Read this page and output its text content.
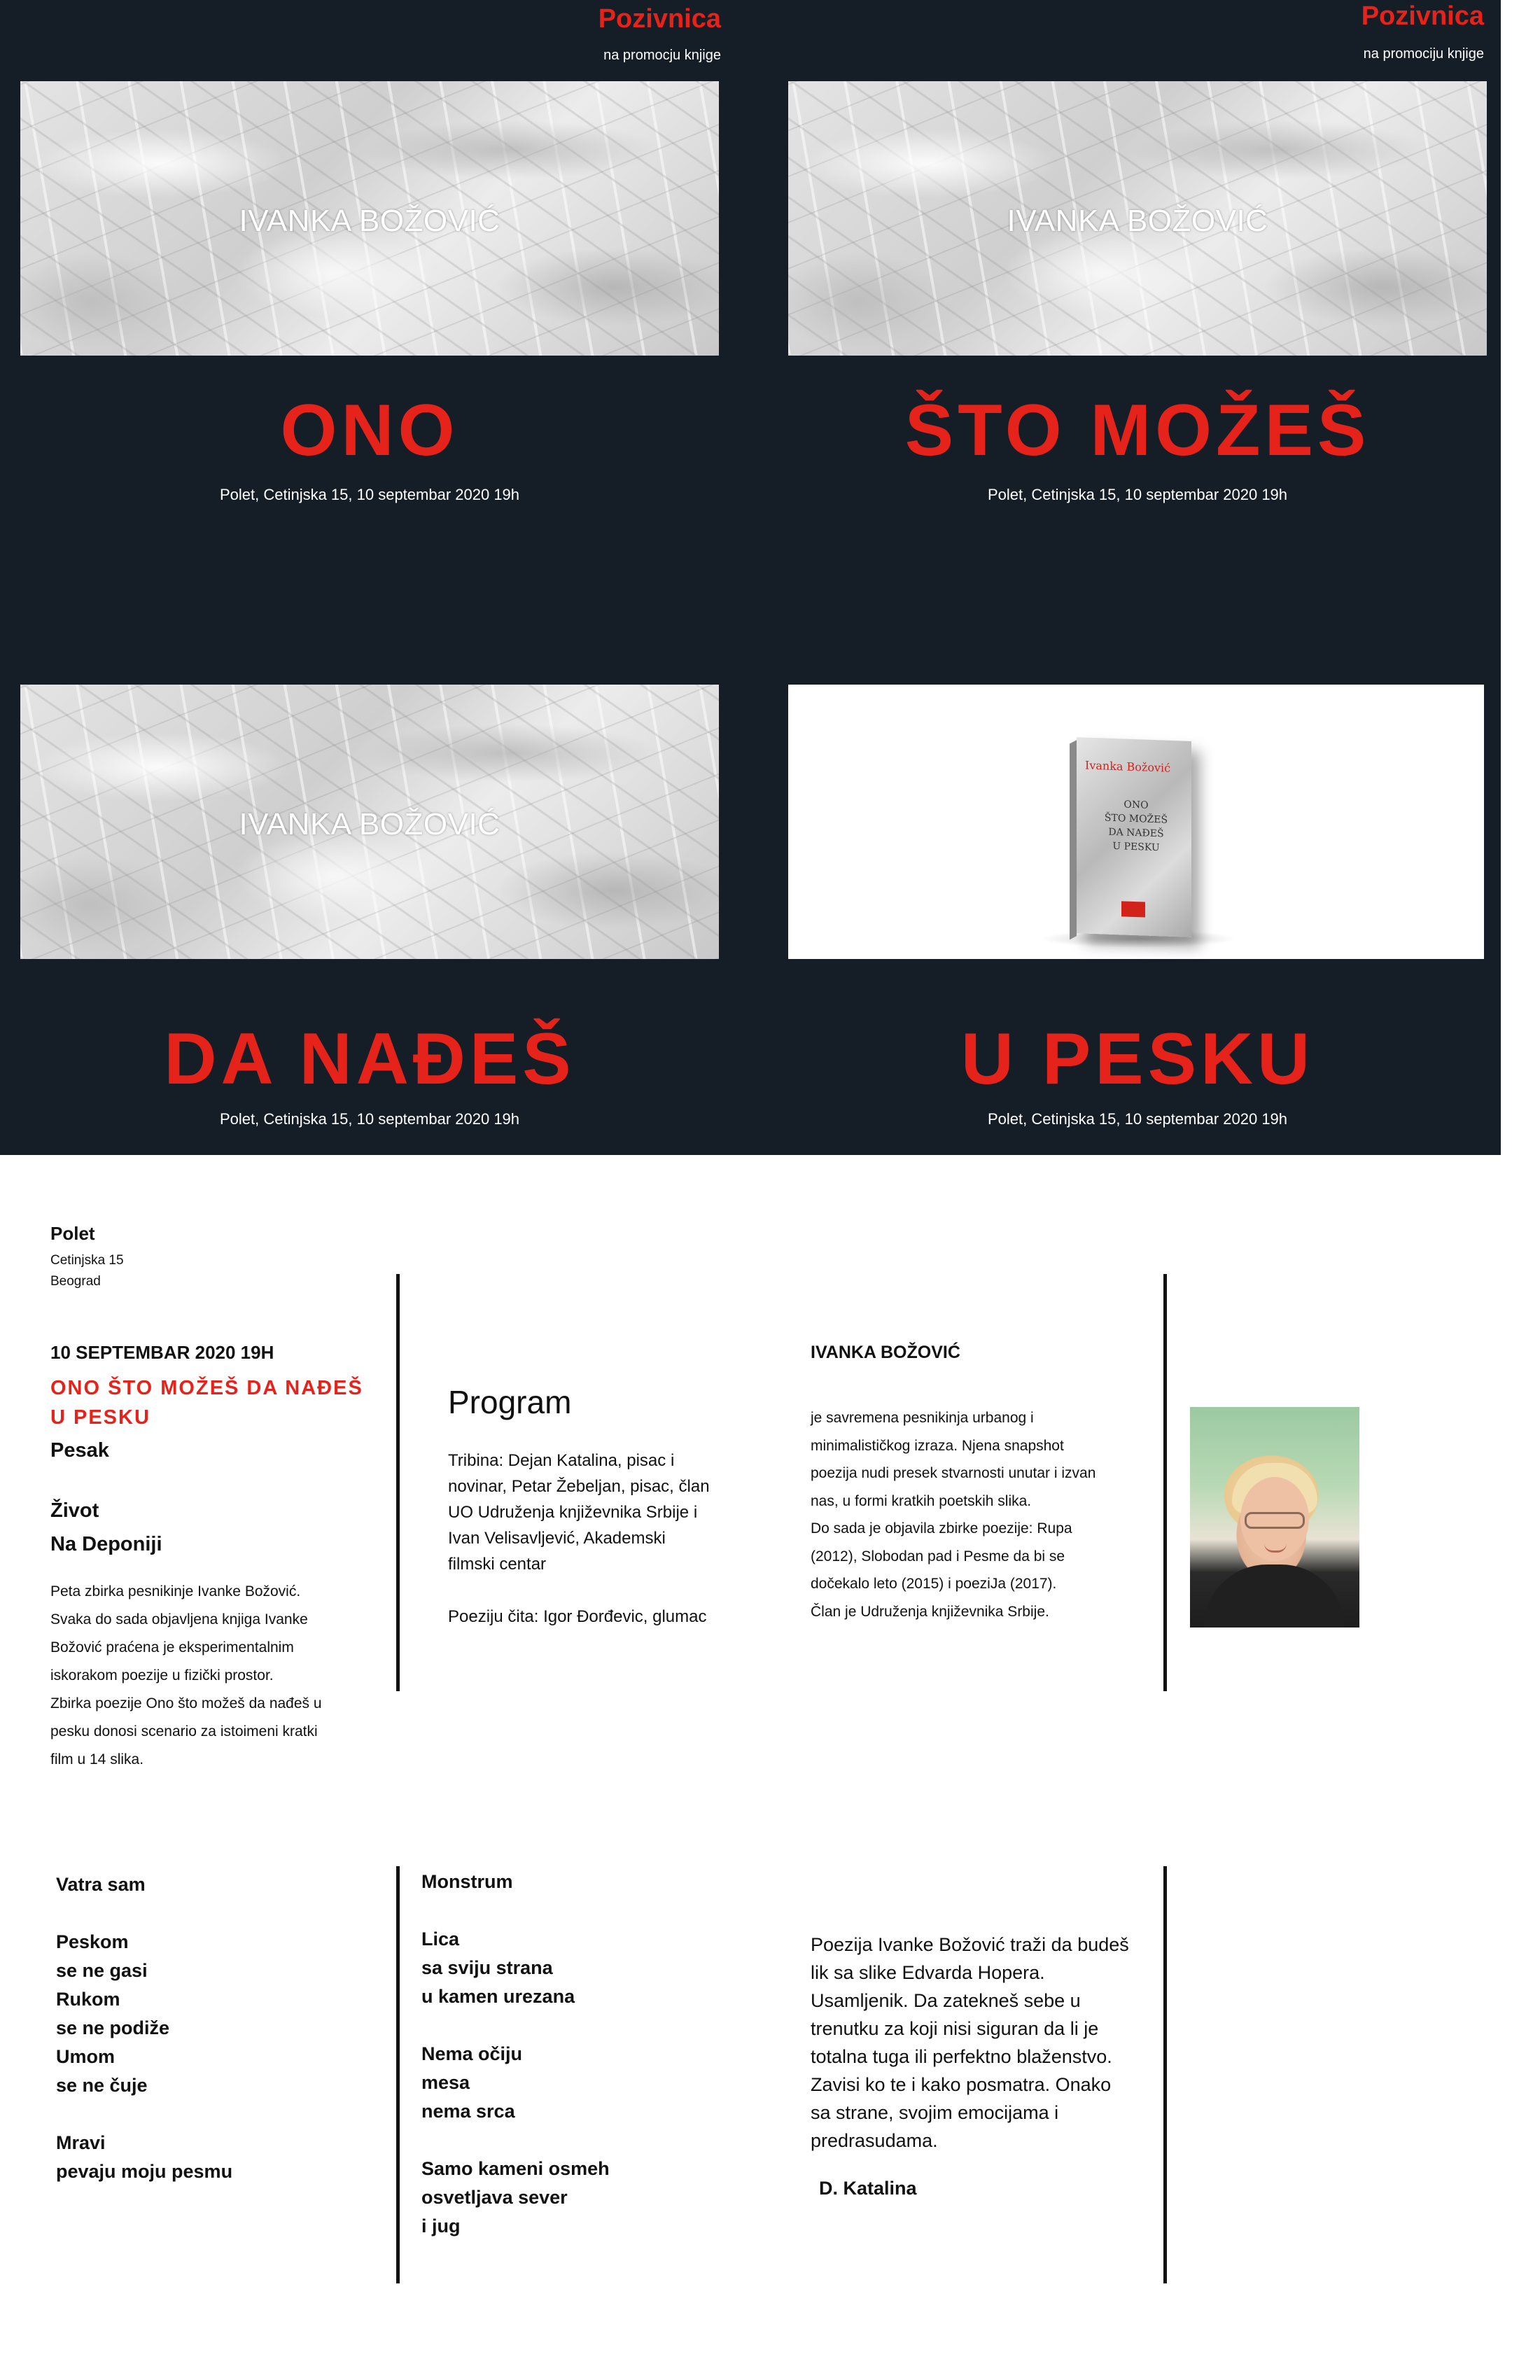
Pozivnica
na promocju knjige
IVANKA BOŽOVIĆ
ONO
Polet, Cetinjska 15, 10 septembar 2020 19h
Pozivnica
na promociju knjige
IVANKA BOŽOVIĆ
ŠTO MOŽEŠ
Polet, Cetinjska 15, 10 septembar 2020 19h
IVANKA BOŽOVIĆ
DA NAĐEŠ
Polet, Cetinjska 15, 10 septembar 2020 19h
Ivanka Božović
ONO
ŠTO MOŽEŠ
DA NAĐEŠ
U PESKU
U PESKU
Polet, Cetinjska 15, 10 septembar 2020 19h
Polet
Cetinjska 15
Beograd
10 SEPTEMBAR 2020 19H
ONO ŠTO MOŽEŠ DA NAĐEŠ
U PESKU
Pesak
Život
Na Deponiji
Peta zbirka pesnikinje Ivanke Božović.
Svaka do sada objavljena knjiga Ivanke
Božović praćena je eksperimentalnim
iskorakom poezije u fizički prostor.
Zbirka poezije Ono što možeš da nađeš u
pesku donosi scenario za istoimeni kratki
film u 14 slika.
Program
Tribina: Dejan Katalina, pisac i
novinar, Petar Žebeljan, pisac, član
UO Udruženja književnika Srbije i
Ivan Velisavljević, Akademski
filmski centar
Poeziju čita: Igor Đorđevic, glumac
IVANKA BOŽOVIĆ
je savremena pesnikinja urbanog i
minimalističkog izraza. Njena snapshot
poezija nudi presek stvarnosti unutar i izvan
nas, u formi kratkih poetskih slika.
Do sada je objavila zbirke poezije: Rupa
(2012), Slobodan pad i Pesme da bi se
dočekalo leto (2015) i poeziJa (2017).
Član je Udruženja književnika Srbije.
Vatra sam

Peskom
se ne gasi
Rukom
se ne podiže
Umom
se ne čuje

Mravi
pevaju moju pesmu
Monstrum

Lica
sa sviju strana
u kamen urezana

Nema očiju
mesa
nema srca

Samo kameni osmeh
osvetljava sever
i jug
Poezija Ivanke Božović traži da budeš
lik sa slike Edvarda Hopera.
Usamljenik. Da zatekneš sebe u
trenutku za koji nisi siguran da li je
totalna tuga ili perfektno blaženstvo.
Zavisi ko te i kako posmatra. Onako
sa strane, svojim emocijama i
predrasudama.
D. Katalina
